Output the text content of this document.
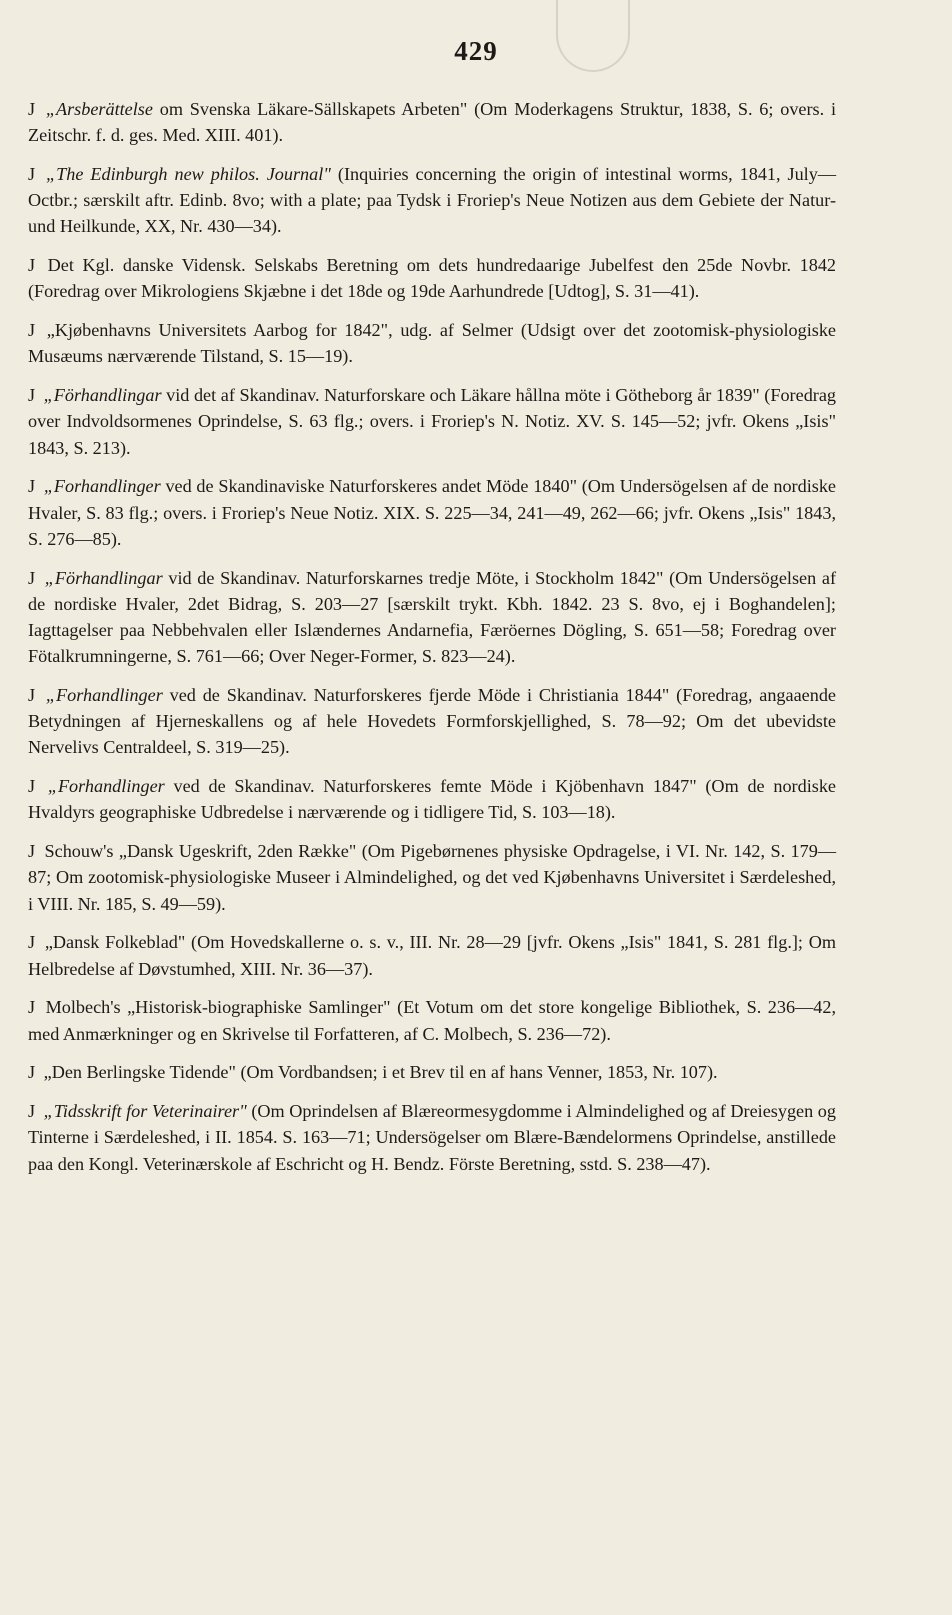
429

J „Arsberättelse om Svenska Läkare-Sällskapets Arbeten" (Om Moderkagens Struktur, 1838, S. 6; overs. i Zeitschr. f. d. ges. Med. XIII. 401).

J „The Edinburgh new philos. Journal" (Inquiries concerning the origin of intestinal worms, 1841, July—Octbr.; særskilt aftr. Edinb. 8vo; with a plate; paa Tydsk i Froriep's Neue Notizen aus dem Gebiete der Natur- und Heilkunde, XX, Nr. 430—34).

J Det Kgl. danske Vidensk. Selskabs Beretning om dets hundredaarige Jubelfest den 25de Novbr. 1842 (Foredrag over Mikrologiens Skjæbne i det 18de og 19de Aarhundrede [Udtog], S. 31—41).

J „Kjøbenhavns Universitets Aarbog for 1842", udg. af Selmer (Udsigt over det zootomisk-physiologiske Musæums nærværende Tilstand, S. 15—19).

J „Förhandlingar vid det af Skandinav. Naturforskare och Läkare hållna möte i Götheborg år 1839" (Foredrag over Indvoldsormenes Oprindelse, S. 63 flg.; overs. i Froriep's N. Notiz. XV. S. 145—52; jvfr. Okens „Isis" 1843, S. 213).

J „Forhandlinger ved de Skandinaviske Naturforskeres andet Möde 1840" (Om Undersögelsen af de nordiske Hvaler, S. 83 flg.; overs. i Froriep's Neue Notiz. XIX. S. 225—34, 241—49, 262—66; jvfr. Okens „Isis" 1843, S. 276—85).

J „Förhandlingar vid de Skandinav. Naturforskarnes tredje Möte, i Stockholm 1842" (Om Undersögelsen af de nordiske Hvaler, 2det Bidrag, S. 203—27 [særskilt trykt. Kbh. 1842. 23 S. 8vo, ej i Boghandelen]; Iagttagelser paa Nebbehvalen eller Islændernes Andarnefia, Færöernes Dögling, S. 651—58; Foredrag over Fötalkrumningerne, S. 761—66; Over Neger-Former, S. 823—24).

J „Forhandlinger ved de Skandinav. Naturforskeres fjerde Möde i Christiania 1844" (Foredrag, angaaende Betydningen af Hjerneskallens og af hele Hovedets Formforskjellighed, S. 78—92; Om det ubevidste Nervelivs Centraldeel, S. 319—25).

J „Forhandlinger ved de Skandinav. Naturforskeres femte Möde i Kjöbenhavn 1847" (Om de nordiske Hvaldyrs geographiske Udbredelse i nærværende og i tidligere Tid, S. 103—18).

J Schouw's „Dansk Ugeskrift, 2den Række" (Om Pigebørnenes physiske Opdragelse, i VI. Nr. 142, S. 179—87; Om zootomisk-physiologiske Museer i Almindelighed, og det ved Kjøbenhavns Universitet i Særdeleshed, i VIII. Nr. 185, S. 49—59).

J „Dansk Folkeblad" (Om Hovedskallerne o. s. v., III. Nr. 28—29 [jvfr. Okens „Isis" 1841, S. 281 flg.]; Om Helbredelse af Døvstumhed, XIII. Nr. 36—37).

J Molbech's „Historisk-biographiske Samlinger" (Et Votum om det store kongelige Bibliothek, S. 236—42, med Anmærkninger og en Skrivelse til Forfatteren, af C. Molbech, S. 236—72).

J „Den Berlingske Tidende" (Om Vordbandsen; i et Brev til en af hans Venner, 1853, Nr. 107).

J „Tidsskrift for Veterinairer" (Om Oprindelsen af Blæreormesygdomme i Almindelighed og af Dreiesygen og Tinterne i Særdeleshed, i II. 1854. S. 163—71; Undersögelser om Blære-Bændelormens Oprindelse, anstillede paa den Kongl. Veterinærskole af Eschricht og H. Bendz. Förste Beretning, sstd. S. 238—47).
